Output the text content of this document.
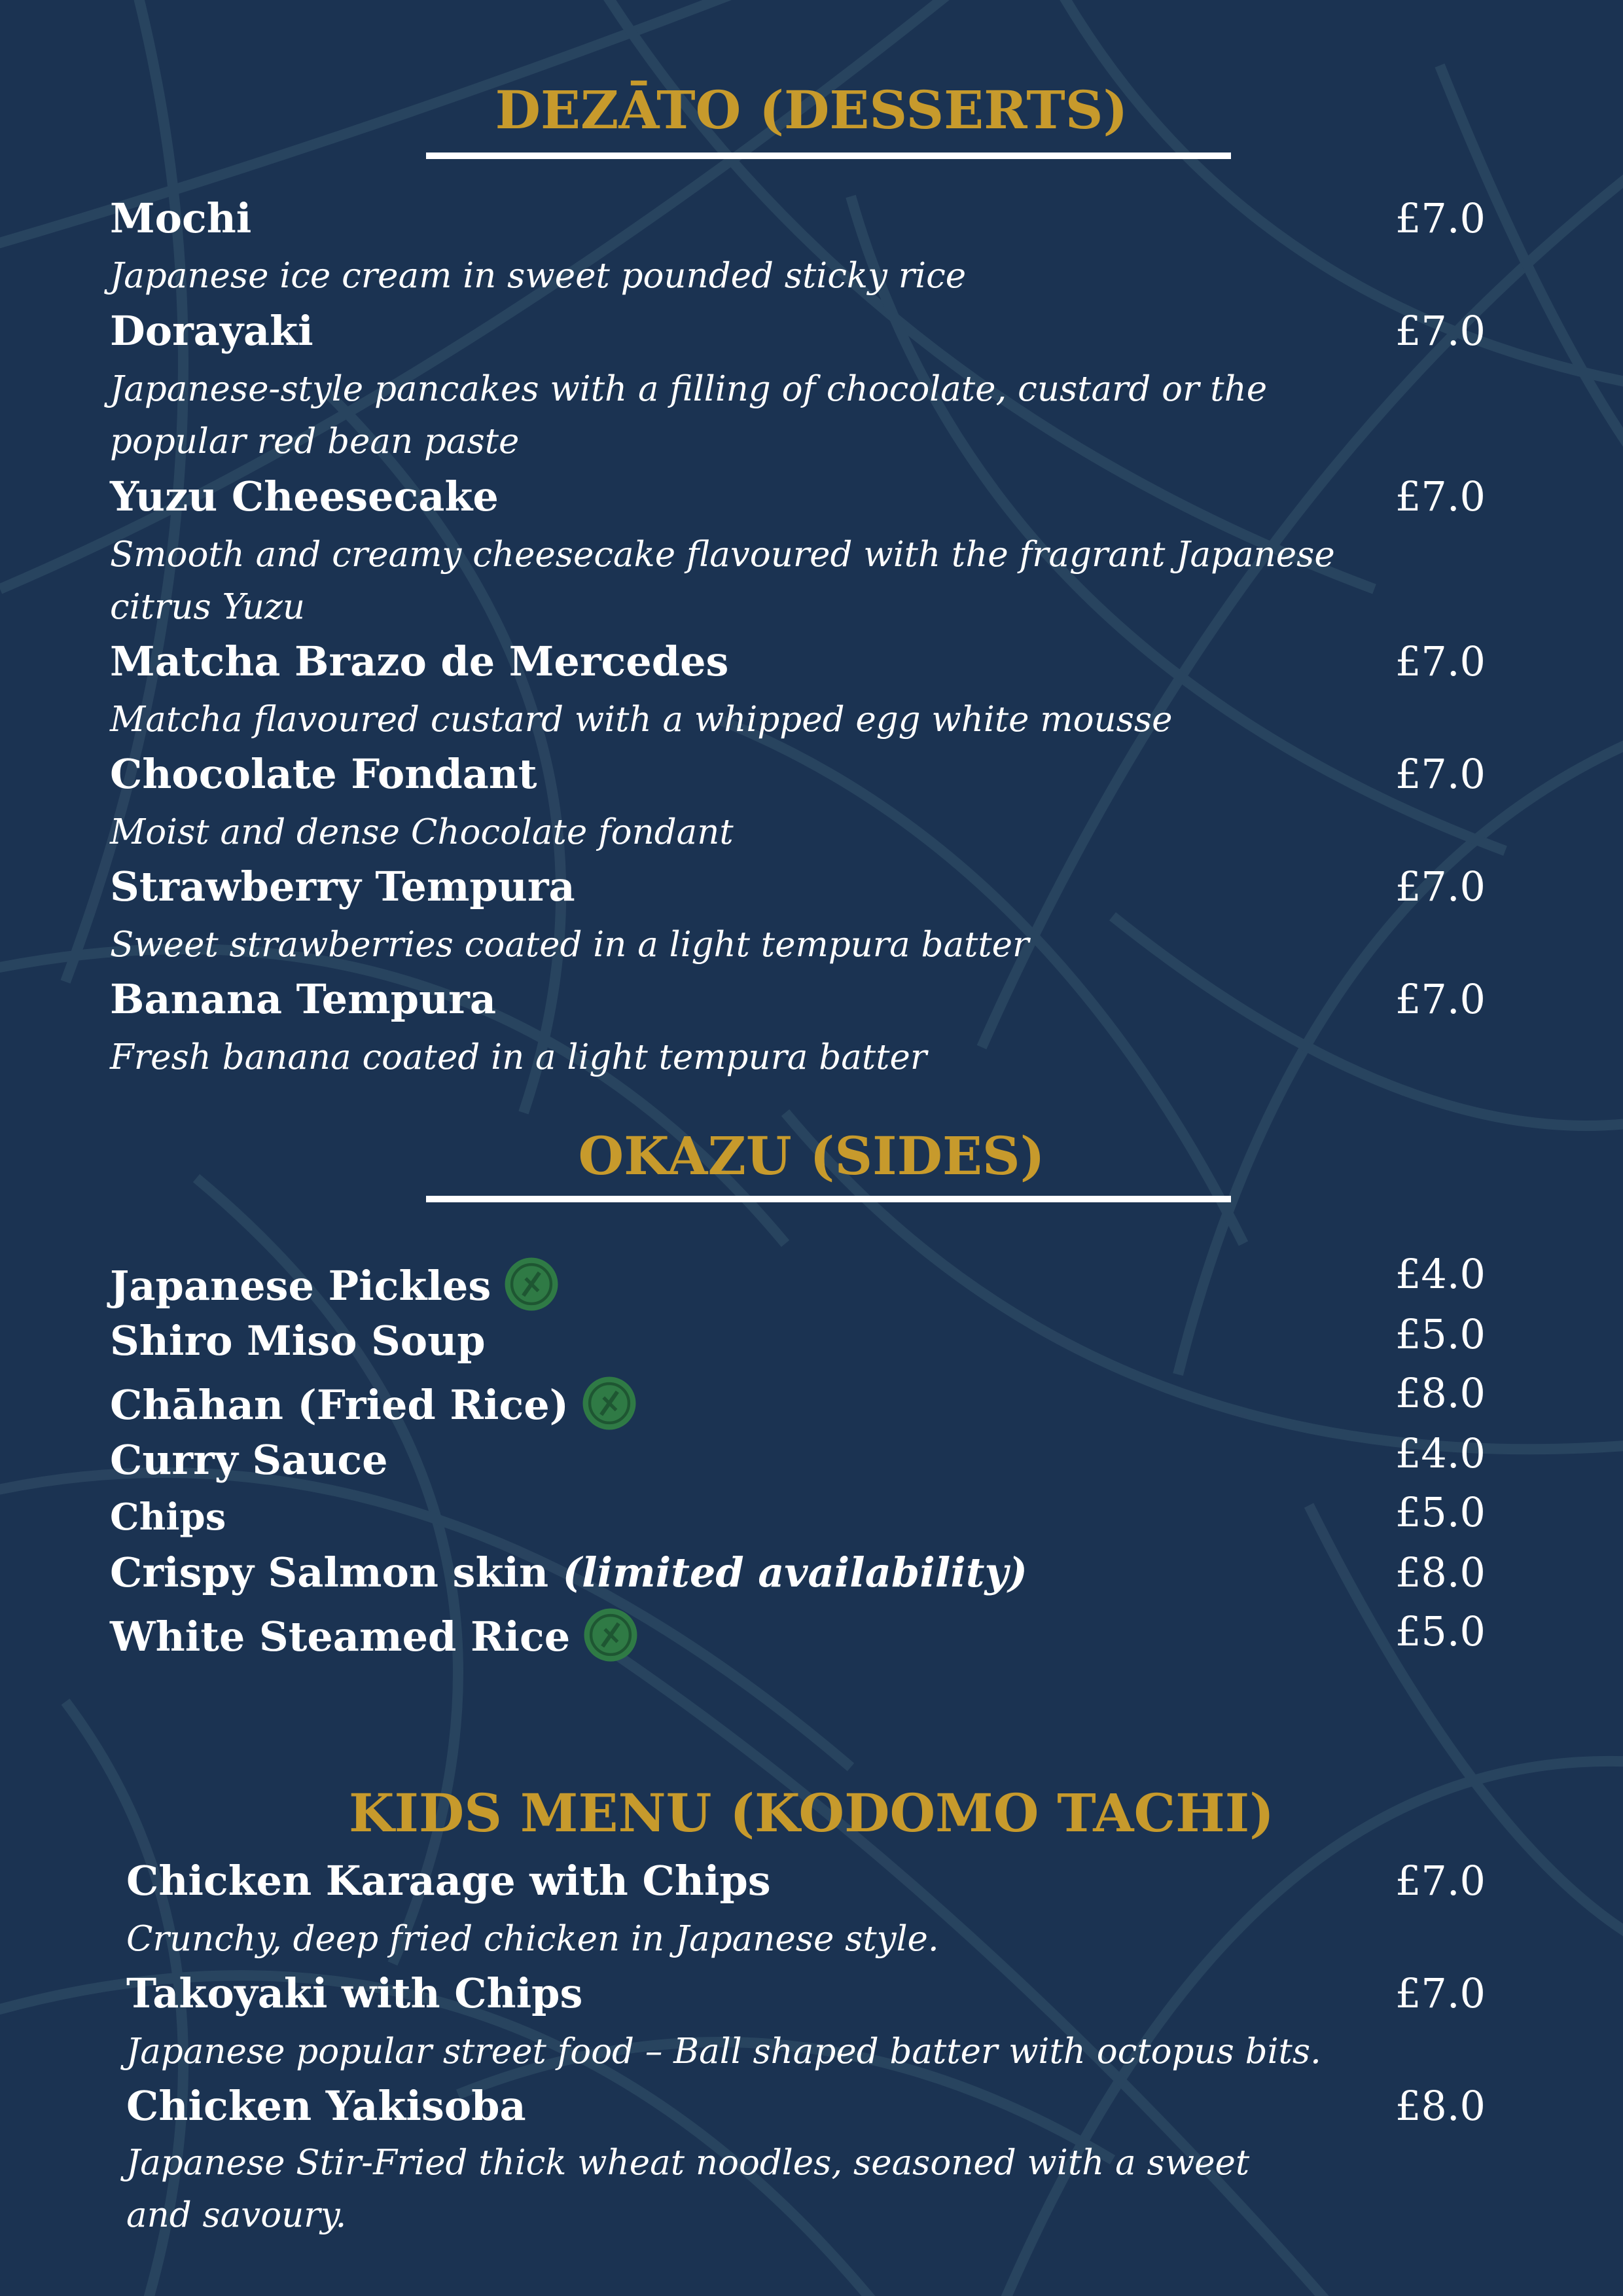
DEZĀTO (DESSERTS)
Mochi	£7.0
Japanese ice cream in sweet pounded sticky rice
Dorayaki	£7.0
Japanese-style pancakes with a filling of chocolate, custard or the popular red bean paste
Yuzu Cheesecake	£7.0
Smooth and creamy cheesecake flavoured with the fragrant Japanese citrus Yuzu
Matcha Brazo de Mercedes	£7.0
Matcha flavoured custard with a whipped egg white mousse
Chocolate Fondant	£7.0
Moist and dense Chocolate fondant
Strawberry Tempura	£7.0
Sweet strawberries coated in a light tempura batter
Banana Tempura	£7.0
Fresh banana coated in a light tempura batter
OKAZU (SIDES)
Japanese Pickles	£4.0
Shiro Miso Soup	£5.0
Chāhan (Fried Rice)	£8.0
Curry Sauce	£4.0
Chips	£5.0
Crispy Salmon skin (limited availability)	£8.0
White Steamed Rice	£5.0
KIDS MENU (KODOMO TACHI)
Chicken Karaage with Chips	£7.0
Crunchy, deep fried chicken in Japanese style.
Takoyaki with Chips	£7.0
Japanese popular street food – Ball shaped batter with octopus bits.
Chicken Yakisoba	£8.0
Japanese Stir-Fried thick wheat noodles, seasoned with a sweet and savoury.
